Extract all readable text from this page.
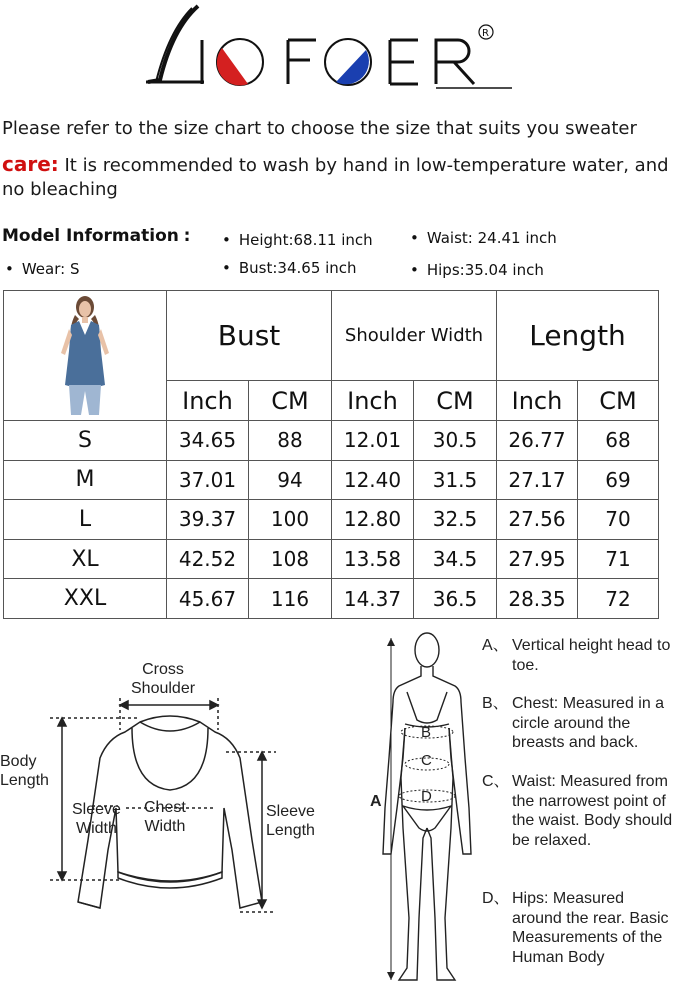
R
Please refer to the size chart to choose the size that suits you sweater
care: It is recommended to wash by hand in low-temperature water, and no bleaching
Model Information :	• Height:68.11 inch	• Waist: 24.41 inch
• Wear: S	• Bust:34.65 inch	• Hips:35.04 inch
	Bust		Shoulder Width		Length	
	Inch	CM	Inch	CM	Inch	CM
S	34.65	88	12.01	30.5	26.77	68
M	37.01	94	12.40	31.5	27.17	69
L	39.37	100	12.80	32.5	27.56	70
XL	42.52	108	13.58	34.5	27.95	71
XXL	45.67	116	14.37	36.5	28.35	72
Cross
Shoulder
Body
Length
Sleeve
Width
Chest
Width
Sleeve
Length
B
C
D
A
A、 Vertical height head to toe.
B、 Chest: Measured in a circle around the breasts and back.
C、 Waist: Measured from the narrowest point of the waist. Body should be relaxed.
D、 Hips: Measured around the rear. Basic Measurements of the Human Body
